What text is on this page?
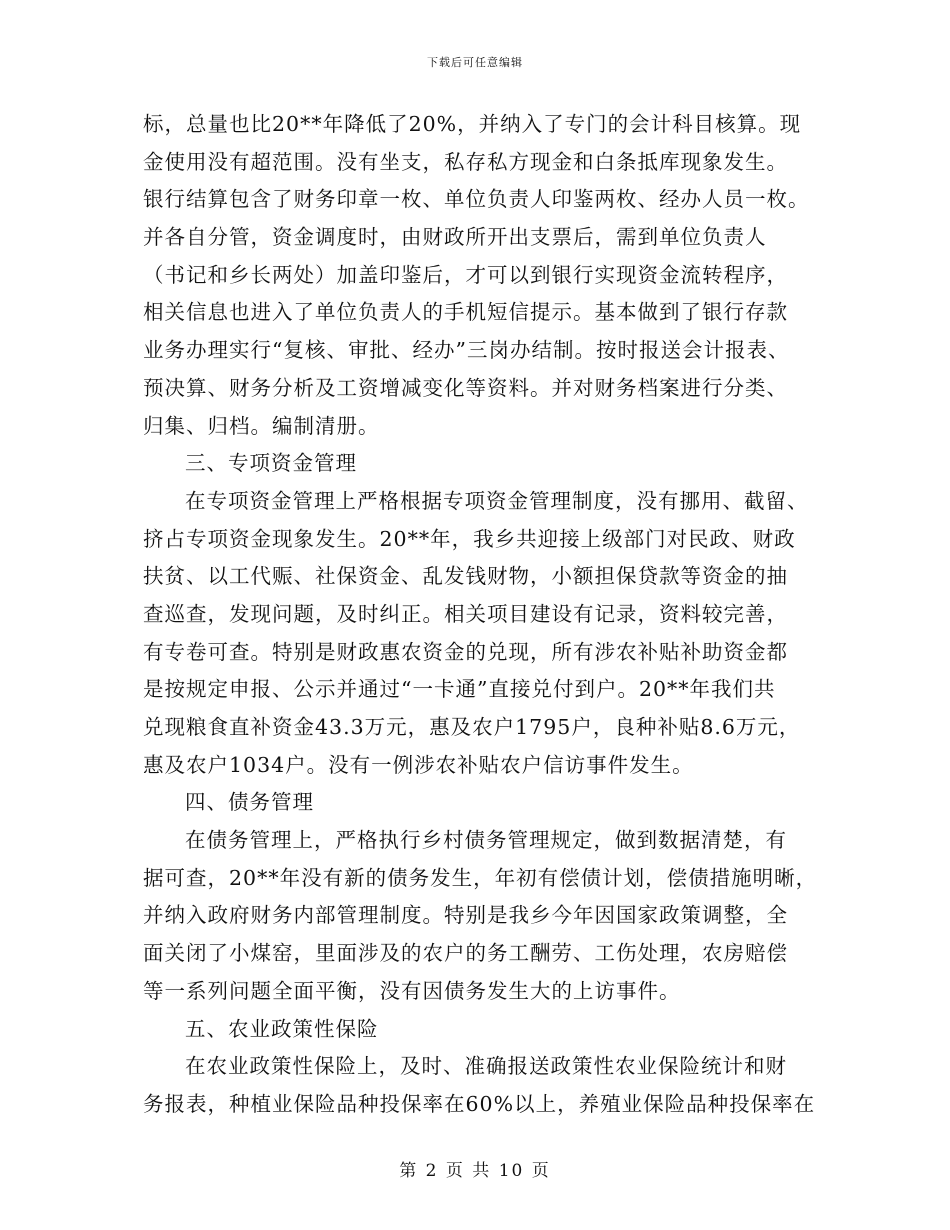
下载后可任意编辑
标，总量也比20**年降低了20%，并纳入了专门的会计科目核算。现
金使用没有超范围。没有坐支，私存私方现金和白条抵库现象发生。
银行结算包含了财务印章一枚、单位负责人印鉴两枚、经办人员一枚。
并各自分管，资金调度时，由财政所开出支票后，需到单位负责人
（书记和乡长两处）加盖印鉴后，才可以到银行实现资金流转程序，
相关信息也进入了单位负责人的手机短信提示。基本做到了银行存款
业务办理实行“复核、审批、经办”三岗办结制。按时报送会计报表、
预决算、财务分析及工资增减变化等资料。并对财务档案进行分类、
归集、归档。编制清册。
三、专项资金管理
在专项资金管理上严格根据专项资金管理制度，没有挪用、截留、
挤占专项资金现象发生。20**年，我乡共迎接上级部门对民政、财政
扶贫、以工代赈、社保资金、乱发钱财物，小额担保贷款等资金的抽
查巡查，发现问题，及时纠正。相关项目建设有记录，资料较完善，
有专卷可查。特别是财政惠农资金的兑现，所有涉农补贴补助资金都
是按规定申报、公示并通过“一卡通”直接兑付到户。20**年我们共
兑现粮食直补资金43.3万元，惠及农户1795户，良种补贴8.6万元，
惠及农户1034户。没有一例涉农补贴农户信访事件发生。
四、债务管理
在债务管理上，严格执行乡村债务管理规定，做到数据清楚，有
据可查，20**年没有新的债务发生，年初有偿债计划，偿债措施明晰，
并纳入政府财务内部管理制度。特别是我乡今年因国家政策调整，全
面关闭了小煤窑，里面涉及的农户的务工酬劳、工伤处理，农房赔偿
等一系列问题全面平衡，没有因债务发生大的上访事件。
五、农业政策性保险
在农业政策性保险上，及时、准确报送政策性农业保险统计和财
务报表，种植业保险品种投保率在60%以上，养殖业保险品种投保率在
第 2 页 共 10 页
